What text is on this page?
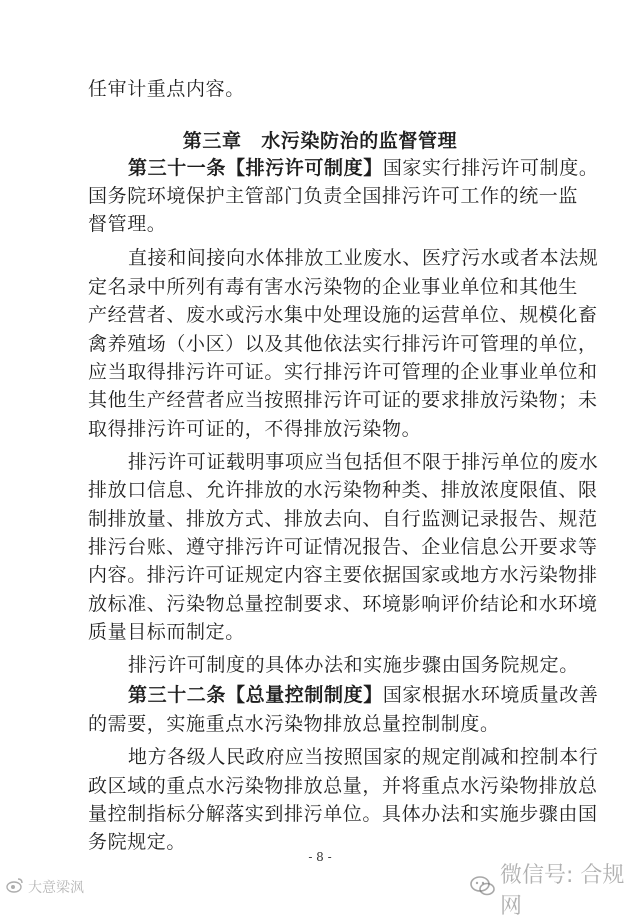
任审计重点内容。
第三章　水污染防治的监督管理
第三十一条【排污许可制度】国家实行排污许可制度。
国务院环境保护主管部门负责全国排污许可工作的统一监
督管理。
直接和间接向水体排放工业废水、医疗污水或者本法规
定名录中所列有毒有害水污染物的企业事业单位和其他生
产经营者、废水或污水集中处理设施的运营单位、规模化畜
禽养殖场（小区）以及其他依法实行排污许可管理的单位，
应当取得排污许可证。实行排污许可管理的企业事业单位和
其他生产经营者应当按照排污许可证的要求排放污染物；未
取得排污许可证的，不得排放污染物。
排污许可证载明事项应当包括但不限于排污单位的废水
排放口信息、允许排放的水污染物种类、排放浓度限值、限
制排放量、排放方式、排放去向、自行监测记录报告、规范
排污台账、遵守排污许可证情况报告、企业信息公开要求等
内容。排污许可证规定内容主要依据国家或地方水污染物排
放标准、污染物总量控制要求、环境影响评价结论和水环境
质量目标而制定。
排污许可制度的具体办法和实施步骤由国务院规定。
第三十二条【总量控制制度】国家根据水环境质量改善
的需要，实施重点水污染物排放总量控制制度。
地方各级人民政府应当按照国家的规定削减和控制本行
政区域的重点水污染物排放总量，并将重点水污染物排放总
量控制指标分解落实到排污单位。具体办法和实施步骤由国
务院规定。
- 8 -
大意梁沨	微信号: 合规网
